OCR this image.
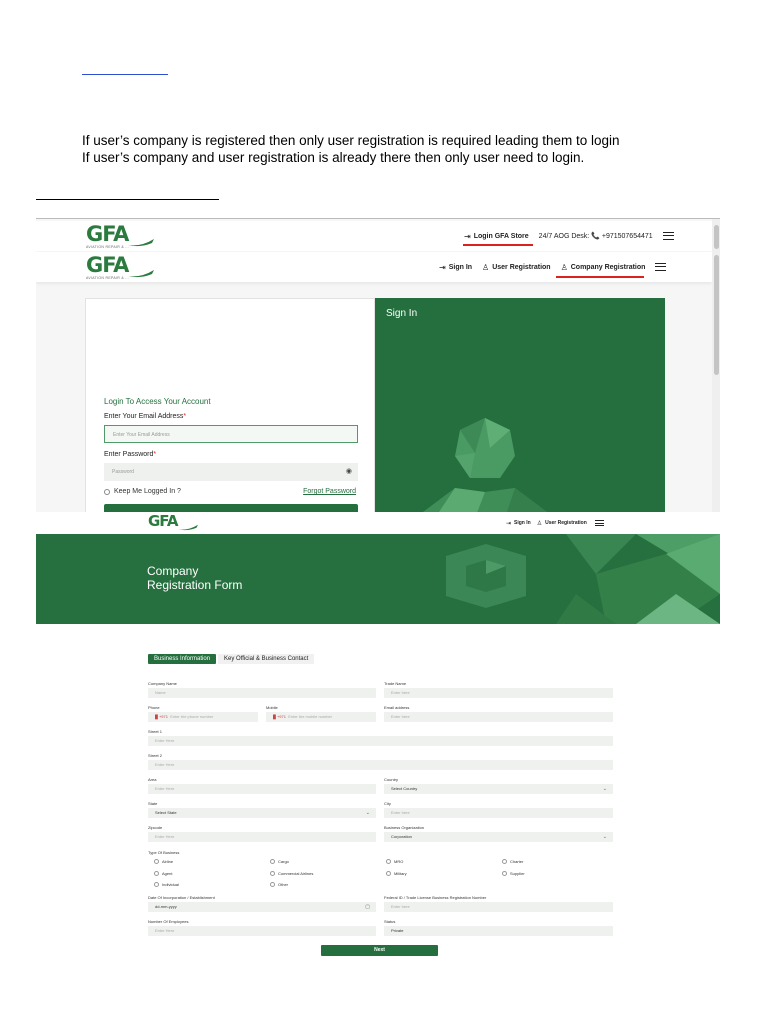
If user’s company is registered then only user registration is required leading them to login
If user’s company and user registration is already there then only user need to login.
GFA
AVIATION REPAIR & ...
⇥ Login GFA Store 24/7 AOG Desk: 📞 +971507654471
GFA
AVIATION REPAIR & ...
⇥ Sign In ♙ User Registration ♙ Company Registration
Login To Access Your Account
Enter Your Email Address*
Enter Your Email Address
Enter Password*
Password	◉
Keep Me Logged In ?	Forgot Password
Sign In
GFA	⇥ Sign In ♙ User Registration
Company
Registration Form
Business Information	Key Official & Business Contact
Company Name
Name
Trade Name
Enter here
Phone
█ +971 Enter the phone number
Mobile
█ +971 Enter the mobile number
Email address
Enter here
Street 1
Enter Here
Street 2
Enter Here
Area
Enter Here
Country
Select Country	⌄
State
Select State	⌄
City
Enter here
Zipcode
Enter Here
Business Organization
Corporation	⌄
Type Of Business
Airline	Cargo	MRO	Charter
Agent	Commercial Airlines	Military	Supplier
Individual	Other
Date Of Incorporation / Establishment
dd-mm-yyyy	▢
Federal ID / Trade License Business Registration Number
Enter here
Number Of Employees
Enter Here
Status
Private
Next
